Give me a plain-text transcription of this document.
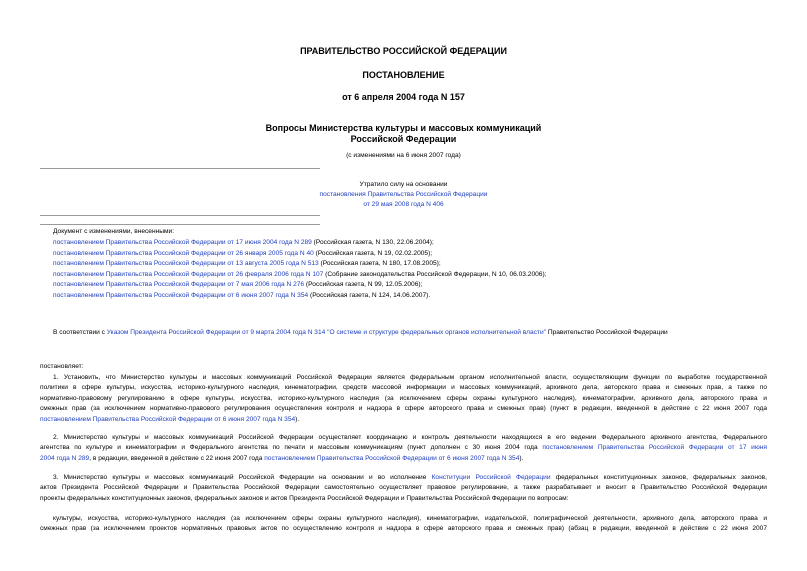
ПРАВИТЕЛЬСТВО РОССИЙСКОЙ ФЕДЕРАЦИИ
ПОСТАНОВЛЕНИЕ
от 6 апреля 2004 года N 157
Вопросы Министерства культуры и массовых коммуникаций
Российской Федерации
(с изменениями на 6 июня 2007 года)
Утратило силу на основании
постановления Правительства Российской Федерации
от 29 мая 2008 года N 406
Документ с изменениями, внесенными:
постановлением Правительства Российской Федерации от 17 июня 2004 года N 289 (Российская газета, N 130, 22.06.2004);
постановлением Правительства Российской Федерации от 26 января 2005 года N 40 (Российская газета, N 19, 02.02.2005);
постановлением Правительства Российской Федерации от 13 августа 2005 года N 513 (Российская газета, N 180, 17.08.2005);
постановлением Правительства Российской Федерации от 26 февраля 2006 года N 107 (Собрание законодательства Российской Федерации, N 10, 06.03.2006);
постановлением Правительства Российской Федерации от 7 мая 2006 года N 276 (Российская газета, N 99, 12.05.2006);
постановлением Правительства Российской Федерации от 6 июня 2007 года N 354 (Российская газета, N 124, 14.06.2007).
В соответствии с Указом Президента Российской Федерации от 9 марта 2004 года N 314 "О системе и структуре федеральных органов исполнительной власти" Правительство Российской Федерации
постановляет:
1. Установить, что Министерство культуры и массовых коммуникаций Российской Федерации является федеральным органом исполнительной власти, осуществляющим функции по выработке государственной
политики в сфере культуры, искусства, историко-культурного наследия, кинематографии, средств массовой информации и массовых коммуникаций, архивного дела, авторского права и смежных прав, а также по
нормативно-правовому регулированию в сфере культуры, искусства, историко-культурного наследия (за исключением сферы охраны культурного наследия), кинематографии, архивного дела, авторского права и
смежных прав (за исключением нормативно-правового регулирования осуществления контроля и надзора в сфере авторского права и смежных прав) (пункт в редакции, введенной в действие с 22 июня 2007 года
постановлением Правительства Российской Федерации от 6 июня 2007 года N 354).
2. Министерство культуры и массовых коммуникаций Российской Федерации осуществляет координацию и контроль деятельности находящихся в его ведении Федерального архивного агентства, Федерального
агентства по культуре и кинематографии и Федерального агентства по печати и массовым коммуникациям (пункт дополнен с 30 июня 2004 года постановлением Правительства Российской Федерации от 17 июня
2004 года N 289, в редакции, введенной в действие с 22 июня 2007 года постановлением Правительства Российской Федерации от 6 июня 2007 года N 354).
3. Министерство культуры и массовых коммуникаций Российской Федерации на основании и во исполнение Конституции Российской Федерации федеральных конституционных законов, федеральных законов,
актов Президента Российской Федерации и Правительства Российской Федерации самостоятельно осуществляет правовое регулирование, а также разрабатывает и вносит в Правительство Российской Федерации
проекты федеральных конституционных законов, федеральных законов и актов Президента Российской Федерации и Правительства Российской Федерации по вопросам:
культуры, искусства, историко-культурного наследия (за исключением сферы охраны культурного наследия), кинематографии, издательской, полиграфической деятельности, архивного дела, авторского права и
смежных прав (за исключением проектов нормативных правовых актов по осуществлению контроля и надзора в сфере авторского права и смежных прав) (абзац в редакции, введенной в действие с 22 июня 2007
